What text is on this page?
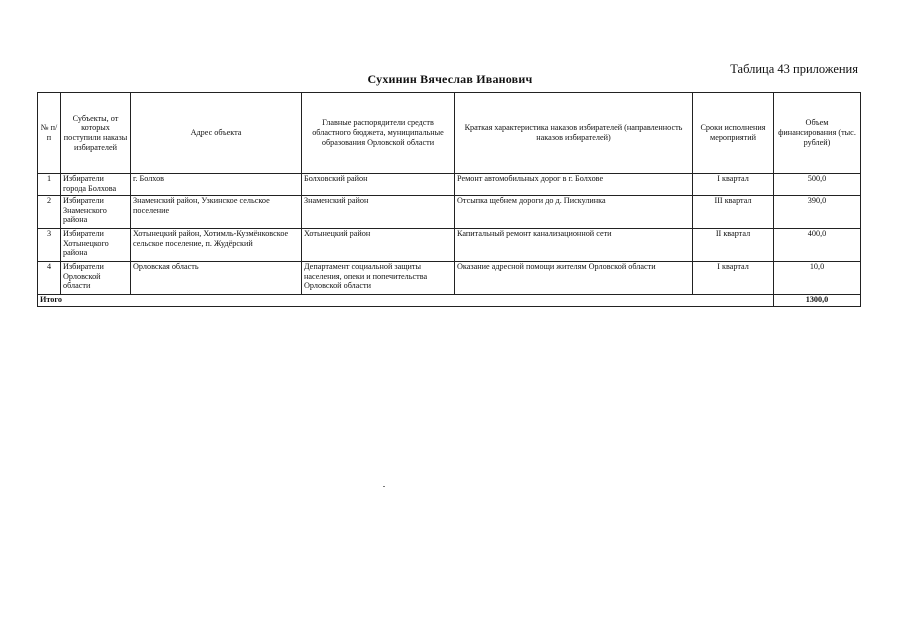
Таблица 43 приложения
Сухинин Вячеслав Иванович
№ п/п	Субъекты, от которых поступили наказы избирателей	Адрес объекта	Главные распорядители средств областного бюджета, муниципальные образования Орловской области	Краткая характеристика наказов избирателей (направленность наказов избирателей)	Сроки исполнения мероприятий	Объем финансирования (тыс. рублей)
1	Избиратели города Болхова	г. Болхов	Болховский район	Ремонт автомобильных дорог в г. Болхове	I квартал	500,0
2	Избиратели Знаменского района	Знаменский район, Узкинское сельское поселение	Знаменский район	Отсыпка щебнем дороги до д. Пискулинка	III квартал	390,0
3	Избиратели Хотынецкого района	Хотынецкий район, Хотимль-Кузмёнковское сельское поселение, п. Жудёрский	Хотынецкий район	Капитальный ремонт канализационной сети	II квартал	400,0
4	Избиратели Орловской области	Орловская область	Департамент социальной защиты населения, опеки и попечительства Орловской области	Оказание адресной помощи жителям Орловской области	I квартал	10,0
Итого						1300,0
